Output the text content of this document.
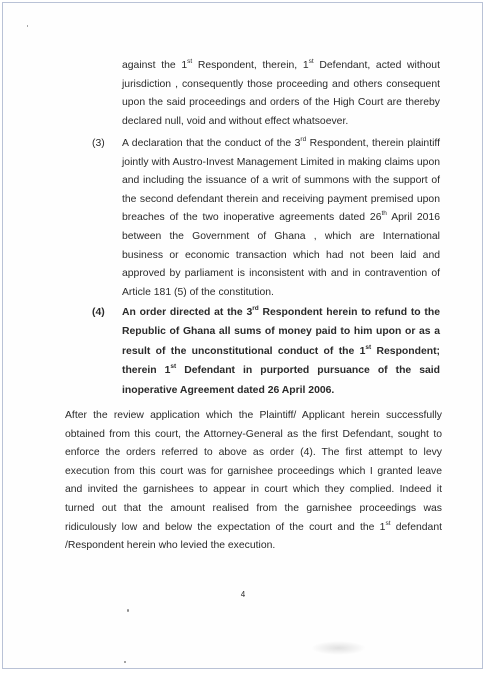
against the 1st Respondent, therein, 1st Defendant, acted without jurisdiction , consequently those proceeding and others consequent upon the said proceedings and orders of the High Court are thereby declared null, void and without effect whatsoever.
(3) A declaration that the conduct of the 3rd Respondent, therein plaintiff jointly with Austro-Invest Management Limited in making claims upon and including the issuance of a writ of summons with the support of the second defendant therein and receiving payment premised upon breaches of the two inoperative agreements dated 26th April 2016 between the Government of Ghana , which are International business or economic transaction which had not been laid and approved by parliament is inconsistent with and in contravention of Article 181 (5) of the constitution.
(4) An order directed at the 3rd Respondent herein to refund to the Republic of Ghana all sums of money paid to him upon or as a result of the unconstitutional conduct of the 1st Respondent; therein 1st Defendant in purported pursuance of the said inoperative Agreement dated 26 April 2006.
After the review application which the Plaintiff/ Applicant herein successfully obtained from this court, the Attorney-General as the first Defendant, sought to enforce the orders referred to above as order (4). The first attempt to levy execution from this court was for garnishee proceedings which I granted leave and invited the garnishees to appear in court which they complied. Indeed it turned out that the amount realised from the garnishee proceedings was ridiculously low and below the expectation of the court and the 1st defendant /Respondent herein who levied the execution.
4
